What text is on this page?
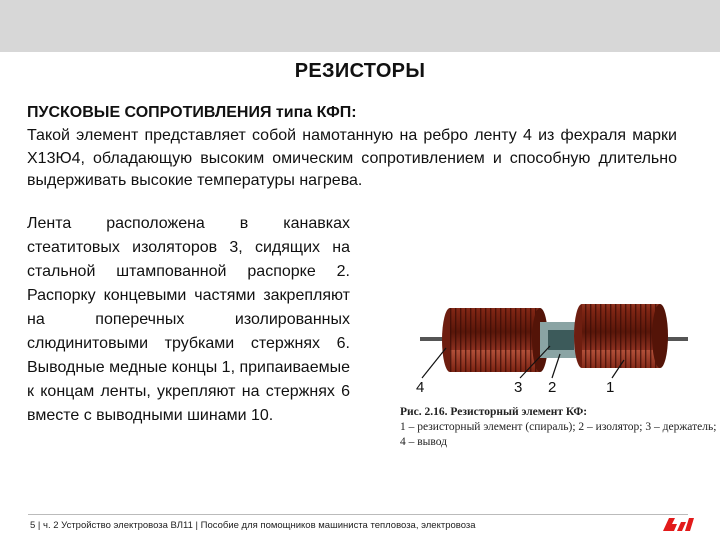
РЕЗИСТОРЫ
ПУСКОВЫЕ СОПРОТИВЛЕНИЯ типа КФП:
Такой элемент представляет собой намотанную на ребро ленту 4 из фехраля марки Х13Ю4, обладающую высоким омическим сопротивлением и способную длительно выдерживать высокие температуры нагрева.
Лента расположена в канавках стеатитовых изоляторов 3, сидящих на стальной штампованной распорке 2. Распорку концевыми частями закрепляют на поперечных изолированных слюдинитовыми трубками стержнях 6. Выводные медные концы 1, припаиваемые к концам ленты, укрепляют на стержнях 6 вместе с выводными шинами 10.
4	3 2	1
Рис. 2.16. Резисторный элемент КФ:
1 – резисторный элемент (спираль); 2 – изолятор; 3 – держатель; 4 – вывод
5 | ч. 2 Устройство электровоза ВЛ11 | Пособие для помощников машиниста тепловоза, электровоза
